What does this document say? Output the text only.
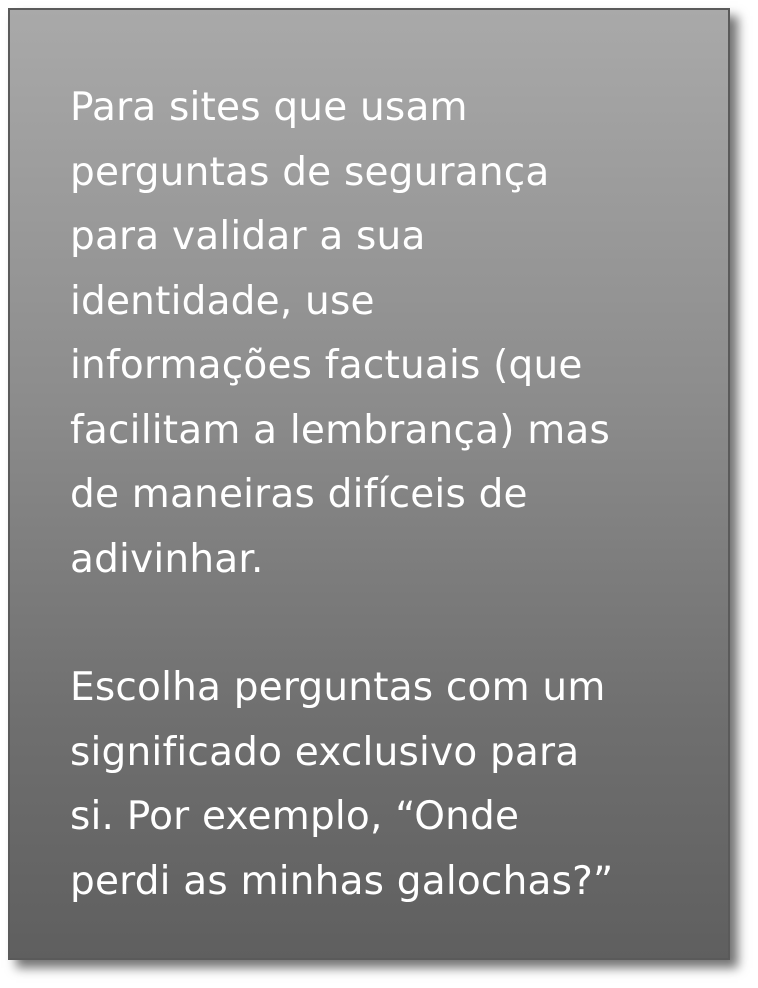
Para sites que usam
perguntas de segurança
para validar a sua
identidade, use
informações factuais (que
facilitam a lembrança) mas
de maneiras difíceis de
adivinhar.

Escolha perguntas com um
significado exclusivo para
si. Por exemplo, “Onde
perdi as minhas galochas?”
